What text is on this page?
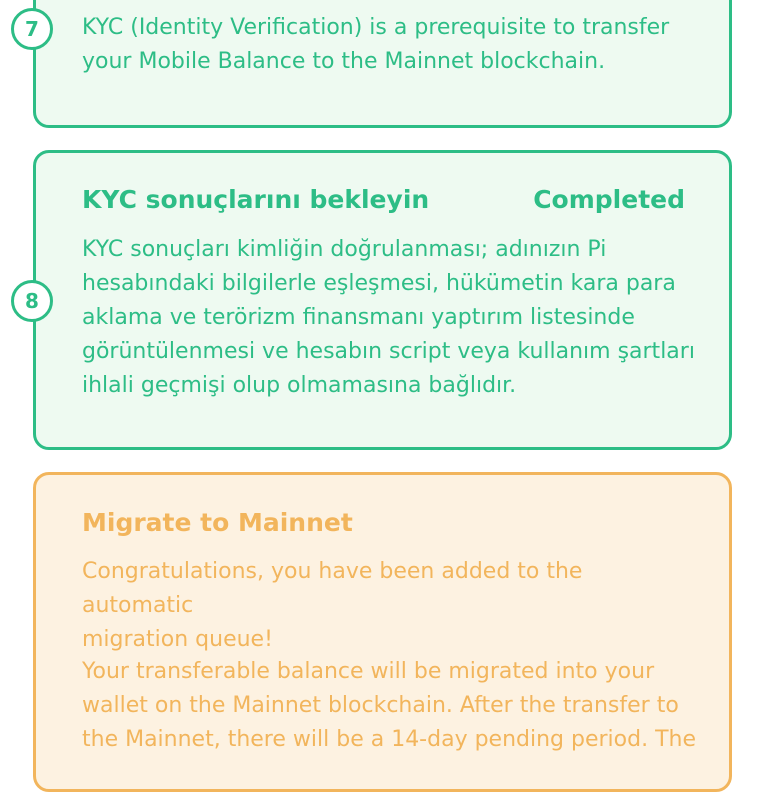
7 KYC (Identity Verification) is a prerequisite to transfer
your Mobile Balance to the Mainnet blockchain.
8
KYC sonuçlarını bekleyin	Completed
KYC sonuçları kimliğin doğrulanması; adınızın Pi
hesabındaki bilgilerle eşleşmesi, hükümetin kara para
aklama ve terörizm finansmanı yaptırım listesinde
görüntülenmesi ve hesabın script veya kullanım şartları
ihlali geçmişi olup olmamasına bağlıdır.
Migrate to Mainnet
Congratulations, you have been added to the automatic
migration queue!
Your transferable balance will be migrated into your
wallet on the Mainnet blockchain. After the transfer to
the Mainnet, there will be a 14-day pending period. The
